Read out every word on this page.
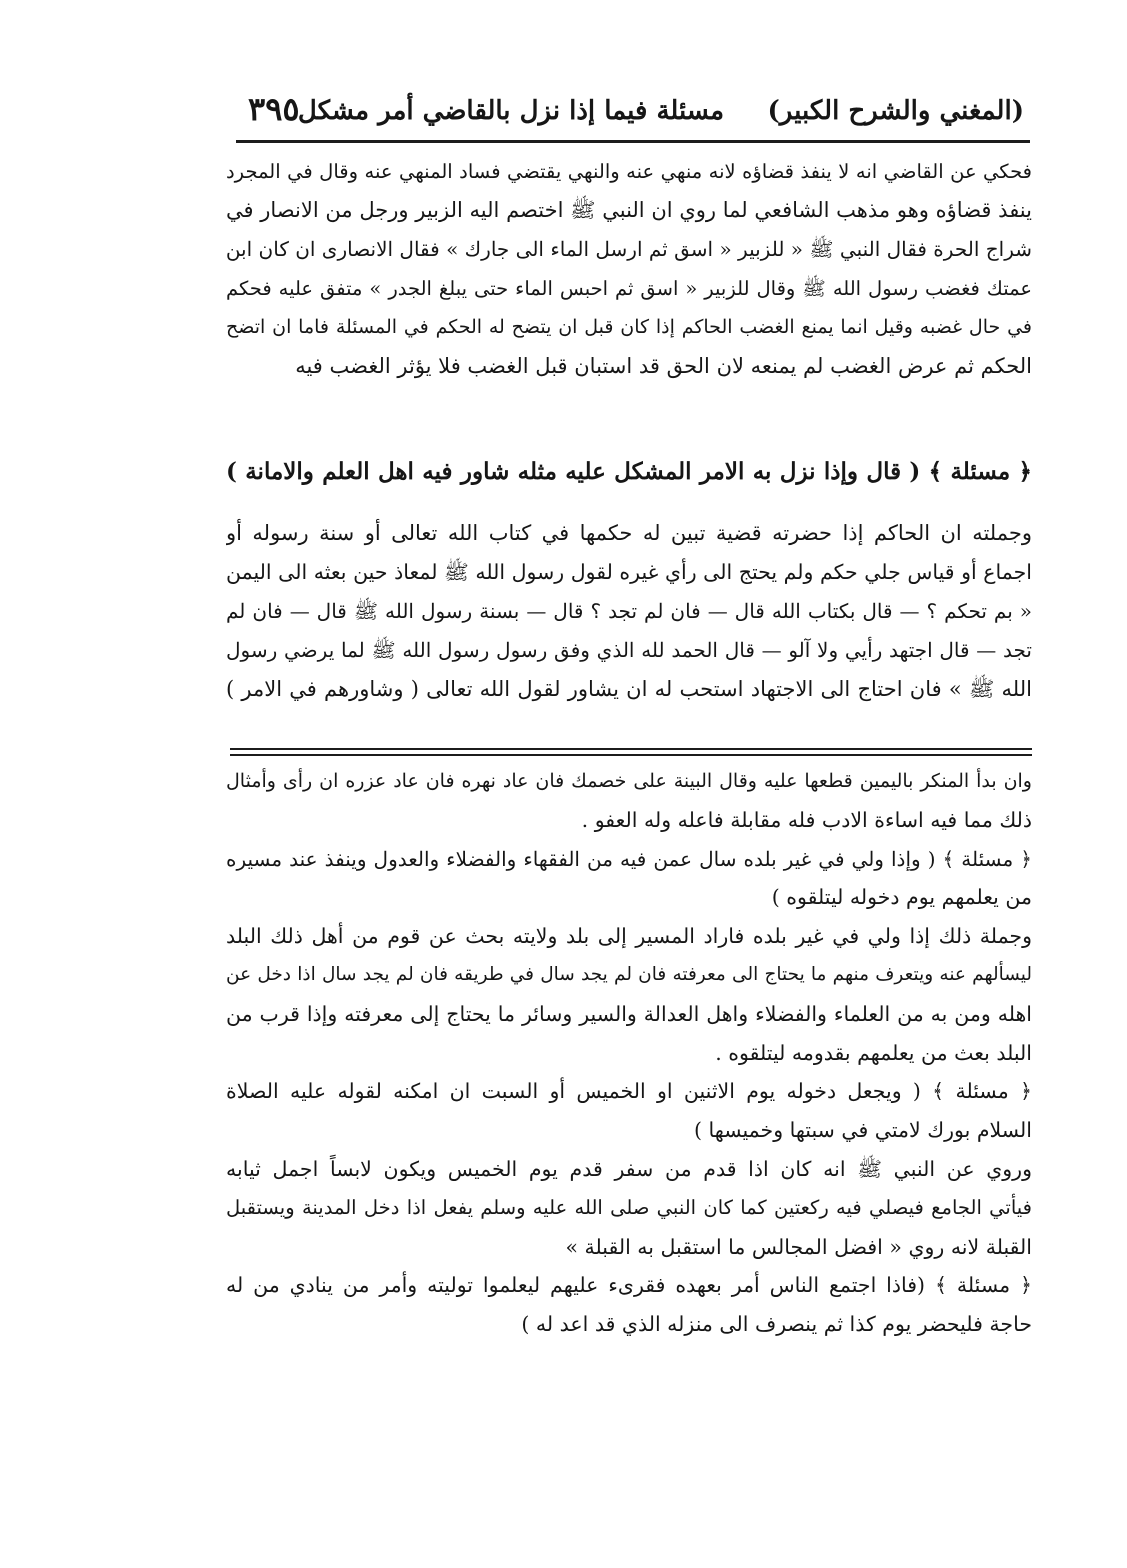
(المغني والشرح الكبير)
مسئلة فيما إذا نزل بالقاضي أمر مشكل
٣٩٥
فحكي عن القاضي انه لا ينفذ قضاؤه لانه منهي عنه والنهي يقتضي فساد المنهي عنه وقال في المجرد
ينفذ قضاؤه وهو مذهب الشافعي لما روي ان النبي ﷺ اختصم اليه الزبير ورجل من الانصار في
شراج الحرة فقال النبي ﷺ « للزبير « اسق ثم ارسل الماء الى جارك » فقال الانصارى ان كان ابن
عمتك فغضب رسول الله ﷺ وقال للزبير « اسق ثم احبس الماء حتى يبلغ الجدر » متفق عليه فحكم
في حال غضبه وقيل انما يمنع الغضب الحاكم إذا كان قبل ان يتضح له الحكم في المسئلة فاما ان اتضح
الحكم ثم عرض الغضب لم يمنعه لان الحق قد استبان قبل الغضب فلا يؤثر الغضب فيه
﴿ مسئلة ﴾ ( قال وإذا نزل به الامر المشكل عليه مثله شاور فيه اهل العلم والامانة )
وجملته ان الحاكم إذا حضرته قضية تبين له حكمها في كتاب الله تعالى أو سنة رسوله أو
اجماع أو قياس جلي حكم ولم يحتج الى رأي غيره لقول رسول الله ﷺ لمعاذ حين بعثه الى اليمن
« بم تحكم ؟ — قال بكتاب الله قال — فان لم تجد ؟ قال — بسنة رسول الله ﷺ قال — فان لم
تجد — قال اجتهد رأيي ولا آلو — قال الحمد لله الذي وفق رسول رسول الله ﷺ لما يرضي رسول
الله ﷺ » فان احتاج الى الاجتهاد استحب له ان يشاور لقول الله تعالى ( وشاورهم في الامر )
وان بدأ المنكر باليمين قطعها عليه وقال البينة على خصمك فان عاد نهره فان عاد عزره ان رأى وأمثال
ذلك مما فيه اساءة الادب فله مقابلة فاعله وله العفو .
﴿ مسئلة ﴾ ( وإذا ولي في غير بلده سال عمن فيه من الفقهاء والفضلاء والعدول وينفذ عند مسيره
من يعلمهم يوم دخوله ليتلقوه )
وجملة ذلك إذا ولي في غير بلده فاراد المسير إلى بلد ولايته بحث عن قوم من أهل ذلك البلد
ليسألهم عنه ويتعرف منهم ما يحتاج الى معرفته فان لم يجد سال في طريقه فان لم يجد سال اذا دخل عن
اهله ومن به من العلماء والفضلاء واهل العدالة والسير وسائر ما يحتاج إلى معرفته وإذا قرب من
البلد بعث من يعلمهم بقدومه ليتلقوه .
﴿ مسئلة ﴾ ( ويجعل دخوله يوم الاثنين او الخميس أو السبت ان امكنه لقوله عليه الصلاة
السلام بورك لامتي في سبتها وخميسها )
وروي عن النبي ﷺ انه كان اذا قدم من سفر قدم يوم الخميس ويكون لابساً اجمل ثيابه
فيأتي الجامع فيصلي فيه ركعتين كما كان النبي صلى الله عليه وسلم يفعل اذا دخل المدينة ويستقبل
القبلة لانه روي « افضل المجالس ما استقبل به القبلة »
﴿ مسئلة ﴾ (فاذا اجتمع الناس أمر بعهده فقرىء عليهم ليعلموا توليته وأمر من ينادي من له
حاجة فليحضر يوم كذا ثم ينصرف الى منزله الذي قد اعد له )
